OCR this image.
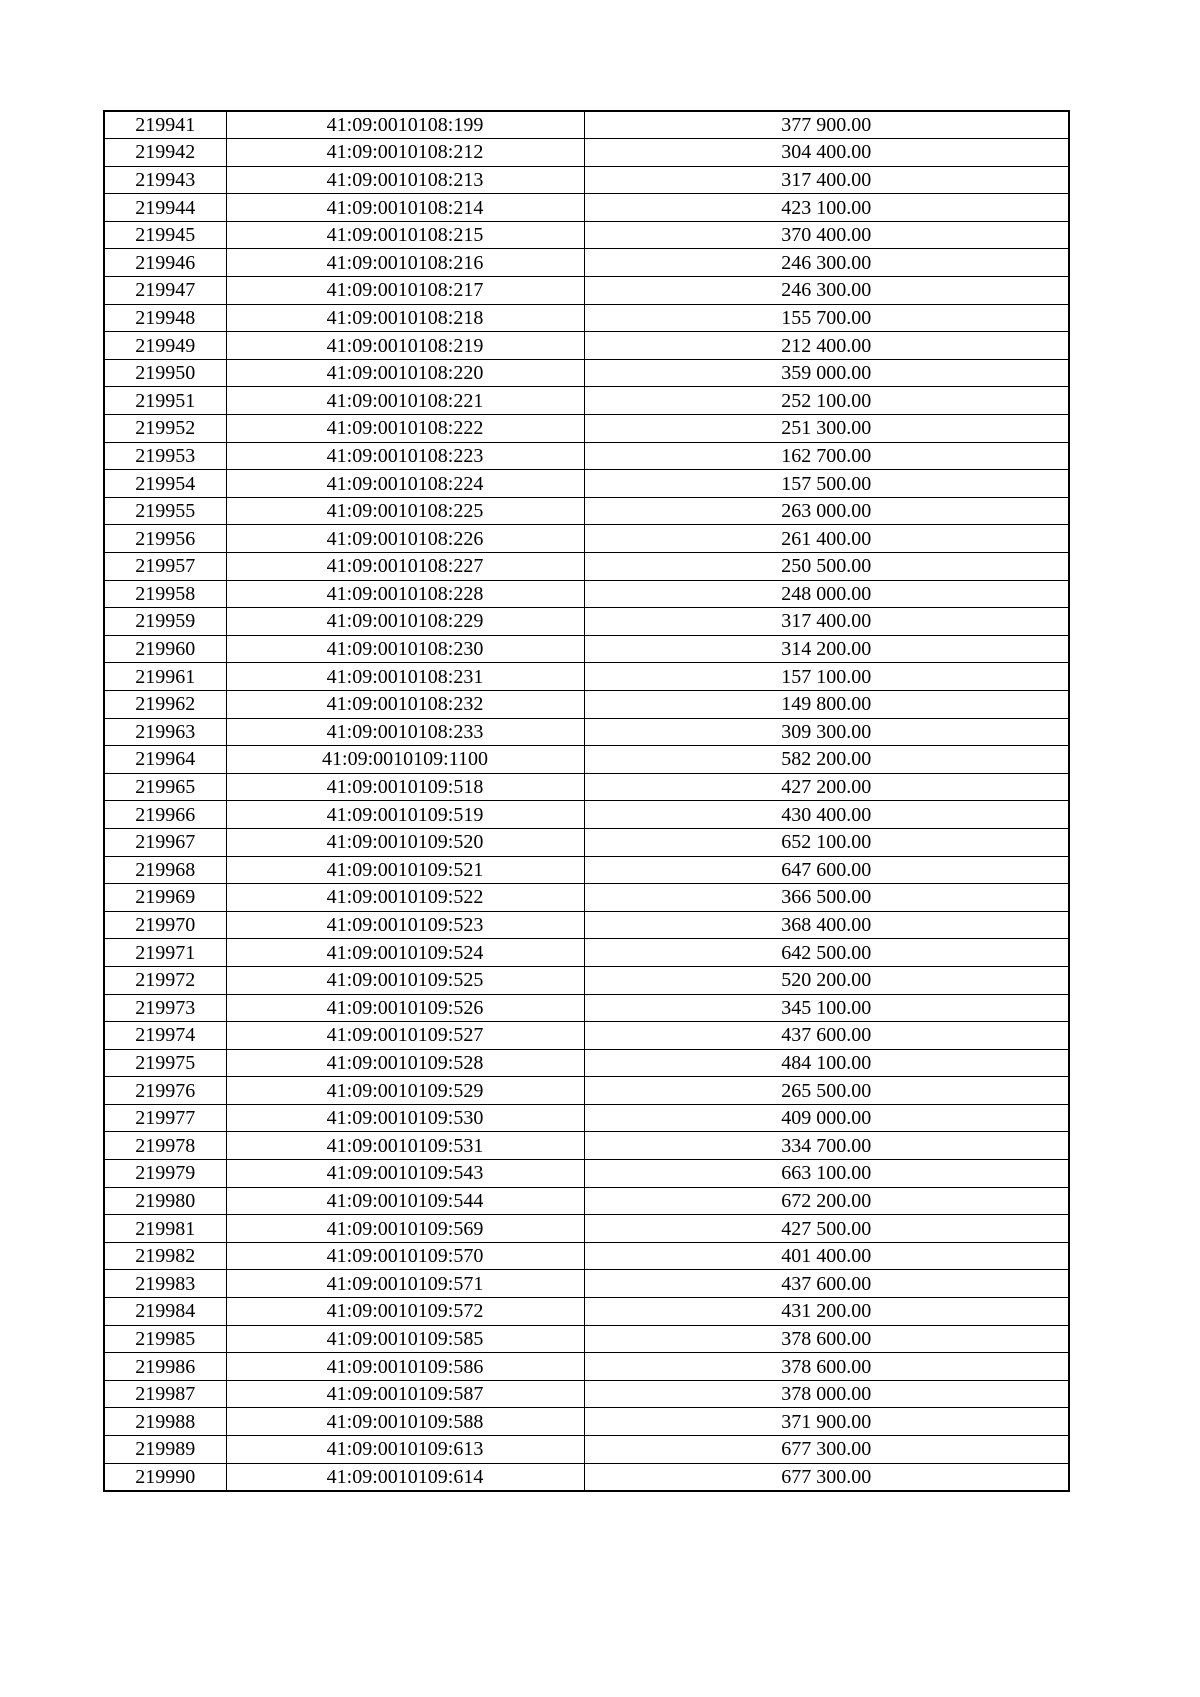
219941	41:09:0010108:199	377 900.00
219942	41:09:0010108:212	304 400.00
219943	41:09:0010108:213	317 400.00
219944	41:09:0010108:214	423 100.00
219945	41:09:0010108:215	370 400.00
219946	41:09:0010108:216	246 300.00
219947	41:09:0010108:217	246 300.00
219948	41:09:0010108:218	155 700.00
219949	41:09:0010108:219	212 400.00
219950	41:09:0010108:220	359 000.00
219951	41:09:0010108:221	252 100.00
219952	41:09:0010108:222	251 300.00
219953	41:09:0010108:223	162 700.00
219954	41:09:0010108:224	157 500.00
219955	41:09:0010108:225	263 000.00
219956	41:09:0010108:226	261 400.00
219957	41:09:0010108:227	250 500.00
219958	41:09:0010108:228	248 000.00
219959	41:09:0010108:229	317 400.00
219960	41:09:0010108:230	314 200.00
219961	41:09:0010108:231	157 100.00
219962	41:09:0010108:232	149 800.00
219963	41:09:0010108:233	309 300.00
219964	41:09:0010109:1100	582 200.00
219965	41:09:0010109:518	427 200.00
219966	41:09:0010109:519	430 400.00
219967	41:09:0010109:520	652 100.00
219968	41:09:0010109:521	647 600.00
219969	41:09:0010109:522	366 500.00
219970	41:09:0010109:523	368 400.00
219971	41:09:0010109:524	642 500.00
219972	41:09:0010109:525	520 200.00
219973	41:09:0010109:526	345 100.00
219974	41:09:0010109:527	437 600.00
219975	41:09:0010109:528	484 100.00
219976	41:09:0010109:529	265 500.00
219977	41:09:0010109:530	409 000.00
219978	41:09:0010109:531	334 700.00
219979	41:09:0010109:543	663 100.00
219980	41:09:0010109:544	672 200.00
219981	41:09:0010109:569	427 500.00
219982	41:09:0010109:570	401 400.00
219983	41:09:0010109:571	437 600.00
219984	41:09:0010109:572	431 200.00
219985	41:09:0010109:585	378 600.00
219986	41:09:0010109:586	378 600.00
219987	41:09:0010109:587	378 000.00
219988	41:09:0010109:588	371 900.00
219989	41:09:0010109:613	677 300.00
219990	41:09:0010109:614	677 300.00
